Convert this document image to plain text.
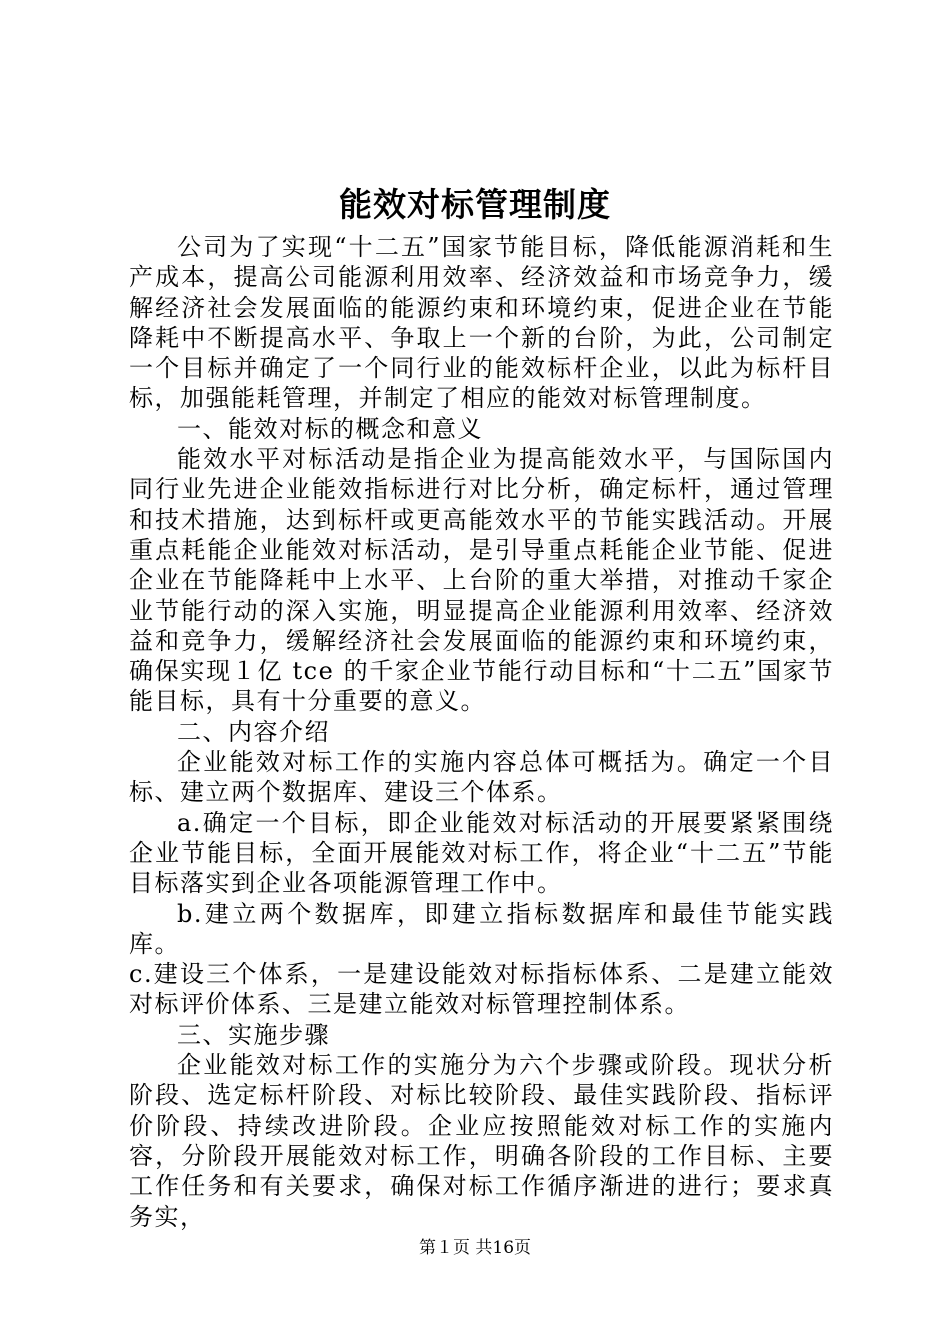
能效对标管理制度

公司为了实现“十二五”国家节能目标，降低能源消耗和生产成本，提高公司能源利用效率、经济效益和市场竞争力，缓解经济社会发展面临的能源约束和环境约束，促进企业在节能降耗中不断提高水平、争取上一个新的台阶，为此，公司制定一个目标并确定了一个同行业的能效标杆企业，以此为标杆目标，加强能耗管理，并制定了相应的能效对标管理制度。

一、能效对标的概念和意义

能效水平对标活动是指企业为提高能效水平，与国际国内同行业先进企业能效指标进行对比分析，确定标杆，通过管理和技术措施，达到标杆或更高能效水平的节能实践活动。开展重点耗能企业能效对标活动，是引导重点耗能企业节能、促进企业在节能降耗中上水平、上台阶的重大举措，对推动千家企业节能行动的深入实施，明显提高企业能源利用效率、经济效益和竞争力，缓解经济社会发展面临的能源约束和环境约束，确保实现１亿 tce 的千家企业节能行动目标和“十二五”国家节能目标，具有十分重要的意义。

二、内容介绍

企业能效对标工作的实施内容总体可概括为。确定一个目标、建立两个数据库、建设三个体系。

a.确定一个目标，即企业能效对标活动的开展要紧紧围绕企业节能目标，全面开展能效对标工作，将企业“十二五”节能目标落实到企业各项能源管理工作中。

b.建立两个数据库，即建立指标数据库和最佳节能实践库。

c.建设三个体系，一是建设能效对标指标体系、二是建立能效对标评价体系、三是建立能效对标管理控制体系。

三、实施步骤

企业能效对标工作的实施分为六个步骤或阶段。现状分析阶段、选定标杆阶段、对标比较阶段、最佳实践阶段、指标评价阶段、持续改进阶段。企业应按照能效对标工作的实施内容，分阶段开展能效对标工作，明确各阶段的工作目标、主要工作任务和有关要求，确保对标工作循序渐进的进行；要求真务实，

第１页 共16页
